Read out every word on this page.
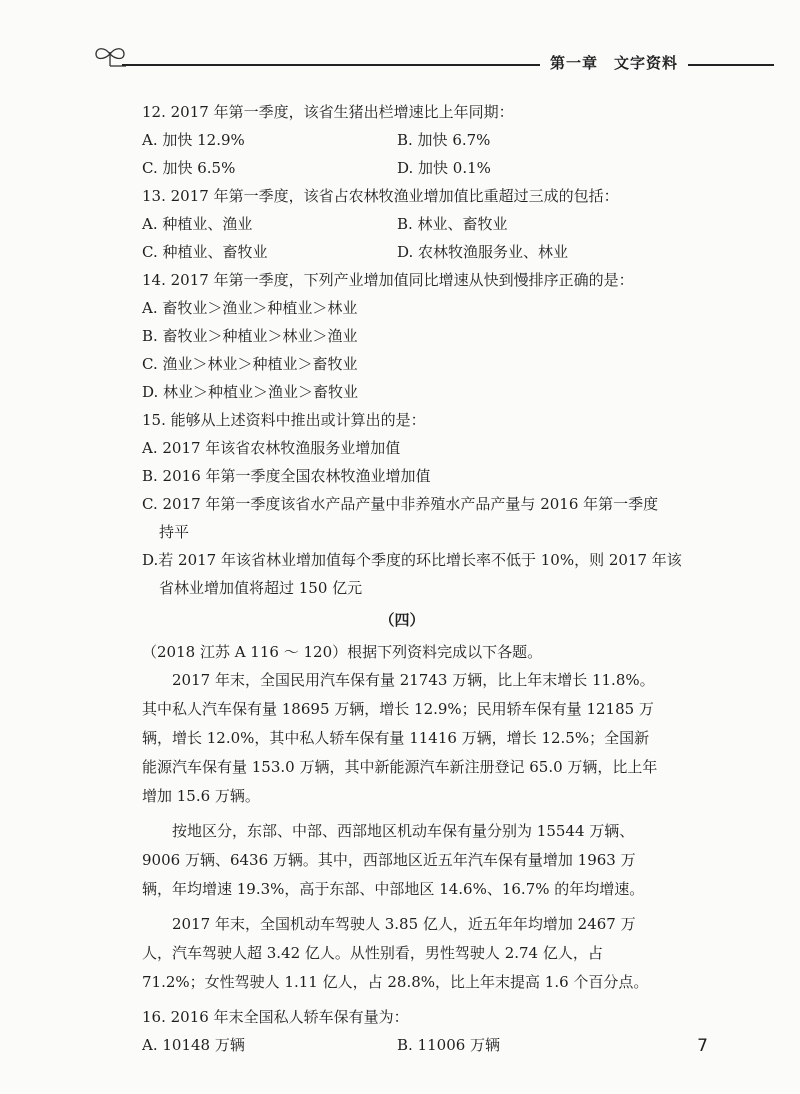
第一章　文字资料
12. 2017 年第一季度，该省生猪出栏增速比上年同期：
A. 加快 12.9%	B. 加快 6.7%
C. 加快 6.5%	D. 加快 0.1%
13. 2017 年第一季度，该省占农林牧渔业增加值比重超过三成的包括：
A. 种植业、渔业	B. 林业、畜牧业
C. 种植业、畜牧业	D. 农林牧渔服务业、林业
14. 2017 年第一季度，下列产业增加值同比增速从快到慢排序正确的是：
A. 畜牧业＞渔业＞种植业＞林业
B. 畜牧业＞种植业＞林业＞渔业
C. 渔业＞林业＞种植业＞畜牧业
D. 林业＞种植业＞渔业＞畜牧业
15. 能够从上述资料中推出或计算出的是：
A. 2017 年该省农林牧渔服务业增加值
B. 2016 年第一季度全国农林牧渔业增加值
C. 2017 年第一季度该省水产品产量中非养殖水产品产量与 2016 年第一季度
持平
D.若 2017 年该省林业增加值每个季度的环比增长率不低于 10%，则 2017 年该
省林业增加值将超过 150 亿元
（四）
（2018 江苏 A 116 ～ 120）根据下列资料完成以下各题。
2017 年末，全国民用汽车保有量 21743 万辆，比上年末增长 11.8%。其中私人汽车保有量 18695 万辆，增长 12.9%；民用轿车保有量 12185 万辆，增长 12.0%，其中私人轿车保有量 11416 万辆，增长 12.5%；全国新能源汽车保有量 153.0 万辆，其中新能源汽车新注册登记 65.0 万辆，比上年增加 15.6 万辆。
按地区分，东部、中部、西部地区机动车保有量分别为 15544 万辆、9006 万辆、6436 万辆。其中，西部地区近五年汽车保有量增加 1963 万辆，年均增速 19.3%，高于东部、中部地区 14.6%、16.7% 的年均增速。
2017 年末，全国机动车驾驶人 3.85 亿人，近五年年均增加 2467 万人，汽车驾驶人超 3.42 亿人。从性别看，男性驾驶人 2.74 亿人，占 71.2%；女性驾驶人 1.11 亿人，占 28.8%，比上年末提高 1.6 个百分点。
16. 2016 年末全国私人轿车保有量为：
A. 10148 万辆	B. 11006 万辆	7
